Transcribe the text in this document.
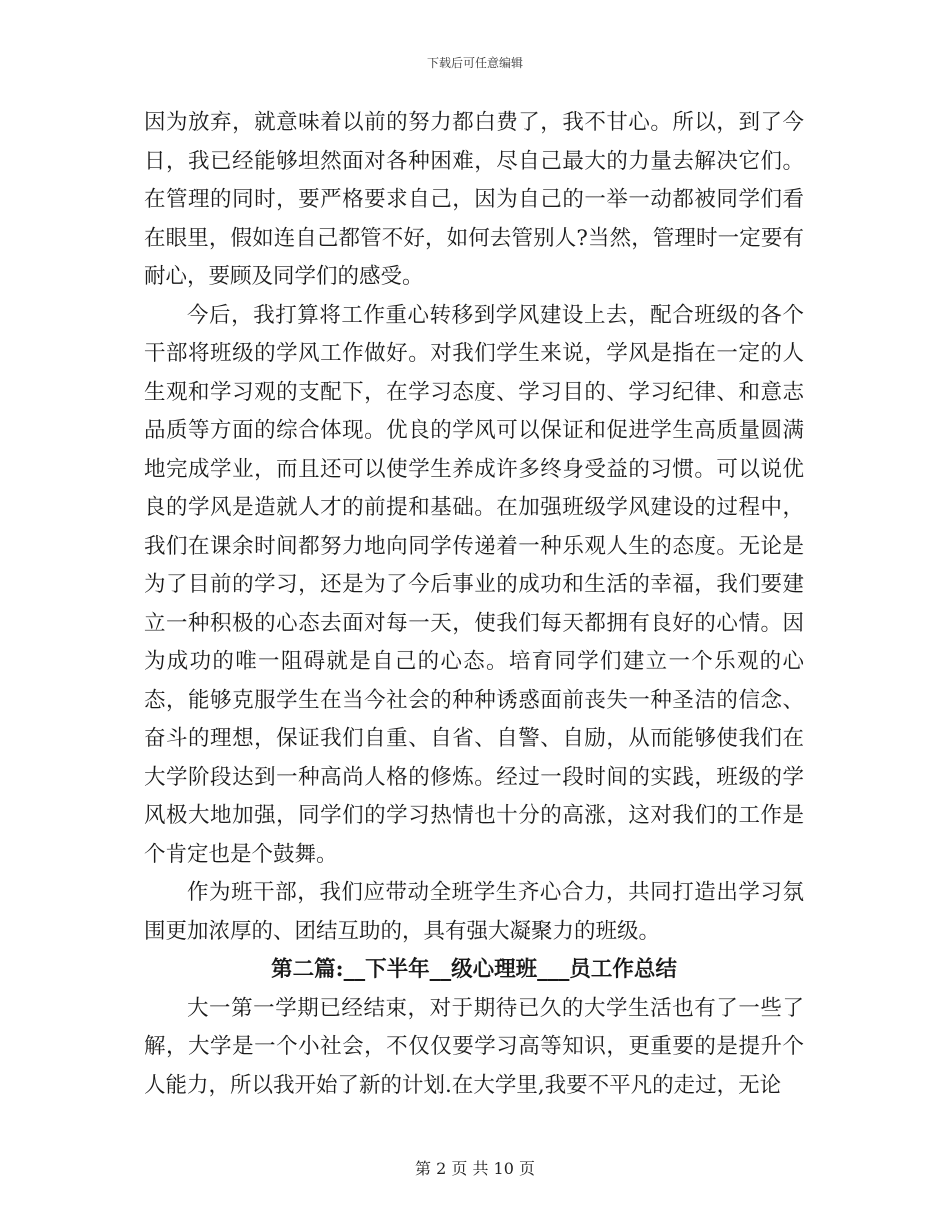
下载后可任意编辑

因为放弃，就意味着以前的努力都白费了，我不甘心。所以，到了今日，我已经能够坦然面对各种困难，尽自己最大的力量去解决它们。在管理的同时，要严格要求自己，因为自己的一举一动都被同学们看在眼里，假如连自己都管不好，如何去管别人?当然，管理时一定要有耐心，要顾及同学们的感受。

今后，我打算将工作重心转移到学风建设上去，配合班级的各个干部将班级的学风工作做好。对我们学生来说，学风是指在一定的人生观和学习观的支配下，在学习态度、学习目的、学习纪律、和意志品质等方面的综合体现。优良的学风可以保证和促进学生高质量圆满地完成学业，而且还可以使学生养成许多终身受益的习惯。可以说优良的学风是造就人才的前提和基础。在加强班级学风建设的过程中，我们在课余时间都努力地向同学传递着一种乐观人生的态度。无论是为了目前的学习，还是为了今后事业的成功和生活的幸福，我们要建立一种积极的心态去面对每一天，使我们每天都拥有良好的心情。因为成功的唯一阻碍就是自己的心态。培育同学们建立一个乐观的心态，能够克服学生在当今社会的种种诱惑面前丧失一种圣洁的信念、奋斗的理想，保证我们自重、自省、自警、自励，从而能够使我们在大学阶段达到一种高尚人格的修炼。经过一段时间的实践，班级的学风极大地加强，同学们的学习热情也十分的高涨，这对我们的工作是个肯定也是个鼓舞。

作为班干部，我们应带动全班学生齐心合力，共同打造出学习氛围更加浓厚的、团结互助的，具有强大凝聚力的班级。

第二篇:__下半年__级心理班___员工作总结

大一第一学期已经结束，对于期待已久的大学生活也有了一些了解，大学是一个小社会，不仅仅要学习高等知识，更重要的是提升个人能力，所以我开始了新的计划.在大学里,我要不平凡的走过，无论

第 2 页 共 10 页
